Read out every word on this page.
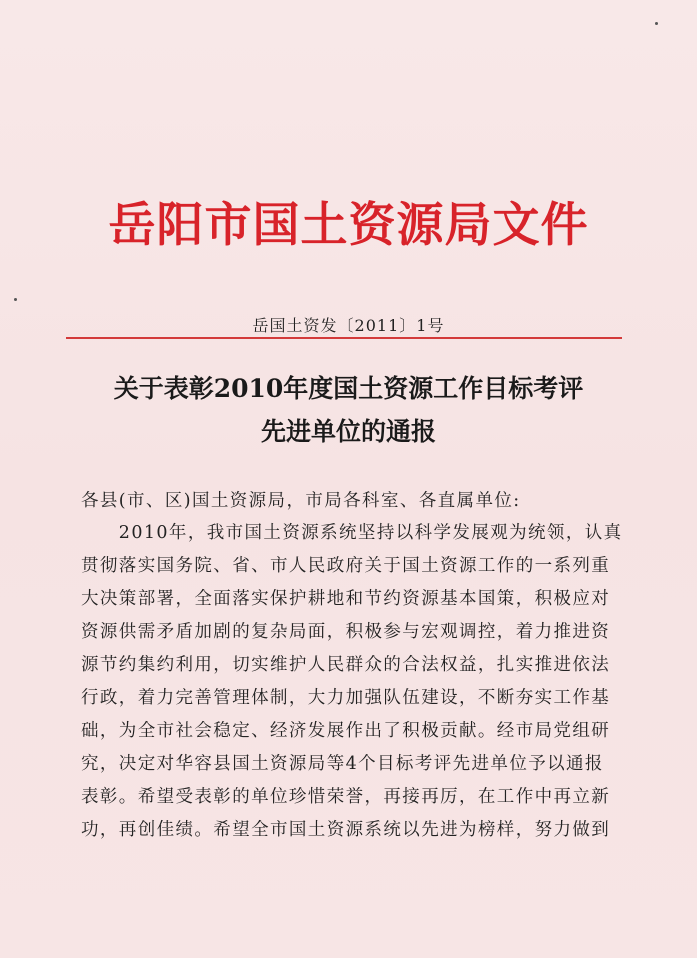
岳阳市国土资源局文件
岳国土资发〔2011〕1号
关于表彰2010年度国土资源工作目标考评
先进单位的通报
各县(市、区)国土资源局，市局各科室、各直属单位:
　　2010年，我市国土资源系统坚持以科学发展观为统领，认真
贯彻落实国务院、省、市人民政府关于国土资源工作的一系列重
大决策部署，全面落实保护耕地和节约资源基本国策，积极应对
资源供需矛盾加剧的复杂局面，积极参与宏观调控，着力推进资
源节约集约利用，切实维护人民群众的合法权益，扎实推进依法
行政，着力完善管理体制，大力加强队伍建设，不断夯实工作基
础，为全市社会稳定、经济发展作出了积极贡献。经市局党组研
究，决定对华容县国土资源局等4个目标考评先进单位予以通报
表彰。希望受表彰的单位珍惜荣誉，再接再厉，在工作中再立新
功，再创佳绩。希望全市国土资源系统以先进为榜样，努力做到
